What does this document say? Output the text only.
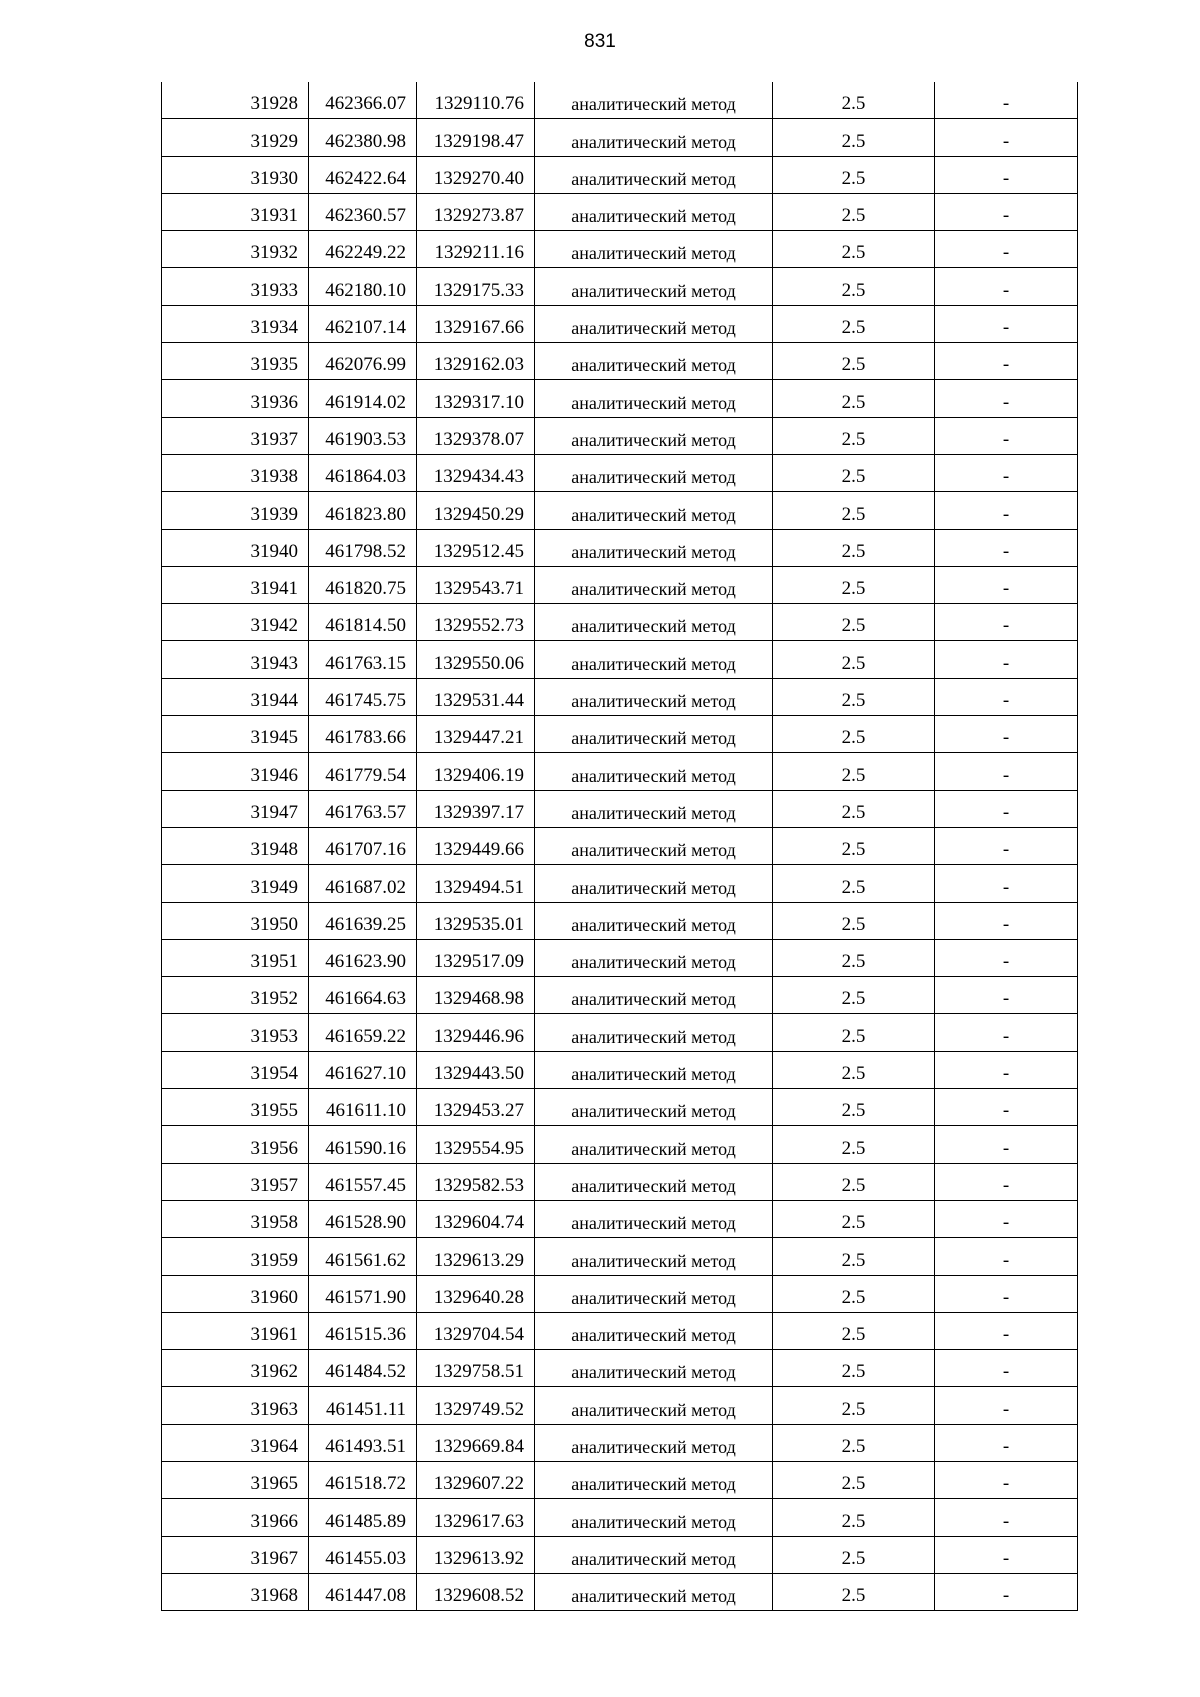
831
31928	462366.07	1329110.76	аналитический метод	2.5	-
31929	462380.98	1329198.47	аналитический метод	2.5	-
31930	462422.64	1329270.40	аналитический метод	2.5	-
31931	462360.57	1329273.87	аналитический метод	2.5	-
31932	462249.22	1329211.16	аналитический метод	2.5	-
31933	462180.10	1329175.33	аналитический метод	2.5	-
31934	462107.14	1329167.66	аналитический метод	2.5	-
31935	462076.99	1329162.03	аналитический метод	2.5	-
31936	461914.02	1329317.10	аналитический метод	2.5	-
31937	461903.53	1329378.07	аналитический метод	2.5	-
31938	461864.03	1329434.43	аналитический метод	2.5	-
31939	461823.80	1329450.29	аналитический метод	2.5	-
31940	461798.52	1329512.45	аналитический метод	2.5	-
31941	461820.75	1329543.71	аналитический метод	2.5	-
31942	461814.50	1329552.73	аналитический метод	2.5	-
31943	461763.15	1329550.06	аналитический метод	2.5	-
31944	461745.75	1329531.44	аналитический метод	2.5	-
31945	461783.66	1329447.21	аналитический метод	2.5	-
31946	461779.54	1329406.19	аналитический метод	2.5	-
31947	461763.57	1329397.17	аналитический метод	2.5	-
31948	461707.16	1329449.66	аналитический метод	2.5	-
31949	461687.02	1329494.51	аналитический метод	2.5	-
31950	461639.25	1329535.01	аналитический метод	2.5	-
31951	461623.90	1329517.09	аналитический метод	2.5	-
31952	461664.63	1329468.98	аналитический метод	2.5	-
31953	461659.22	1329446.96	аналитический метод	2.5	-
31954	461627.10	1329443.50	аналитический метод	2.5	-
31955	461611.10	1329453.27	аналитический метод	2.5	-
31956	461590.16	1329554.95	аналитический метод	2.5	-
31957	461557.45	1329582.53	аналитический метод	2.5	-
31958	461528.90	1329604.74	аналитический метод	2.5	-
31959	461561.62	1329613.29	аналитический метод	2.5	-
31960	461571.90	1329640.28	аналитический метод	2.5	-
31961	461515.36	1329704.54	аналитический метод	2.5	-
31962	461484.52	1329758.51	аналитический метод	2.5	-
31963	461451.11	1329749.52	аналитический метод	2.5	-
31964	461493.51	1329669.84	аналитический метод	2.5	-
31965	461518.72	1329607.22	аналитический метод	2.5	-
31966	461485.89	1329617.63	аналитический метод	2.5	-
31967	461455.03	1329613.92	аналитический метод	2.5	-
31968	461447.08	1329608.52	аналитический метод	2.5	-
